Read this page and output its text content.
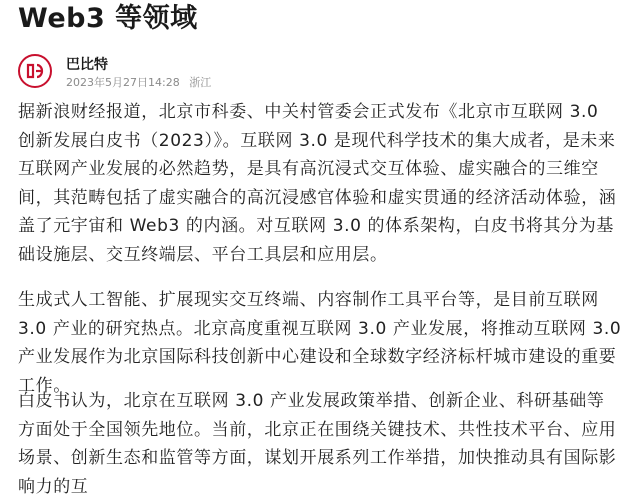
Web3 等领域
巴比特
2023年5月27日14:28 浙江
据新浪财经报道，北京市科委、中关村管委会正式发布《北京市互联网 3.0 创新发展白皮书（2023）》。互联网 3.0 是现代科学技术的集大成者，是未来互联网产业发展的必然趋势，是具有高沉浸式交互体验、虚实融合的三维空间，其范畴包括了虚实融合的高沉浸感官体验和虚实贯通的经济活动体验，涵盖了元宇宙和 Web3 的内涵。对互联网 3.0 的体系架构，白皮书将其分为基础设施层、交互终端层、平台工具层和应用层。
生成式人工智能、扩展现实交互终端、内容制作工具平台等，是目前互联网 3.0 产业的研究热点。北京高度重视互联网 3.0 产业发展，将推动互联网 3.0 产业发展作为北京国际科技创新中心建设和全球数字经济标杆城市建设的重要工作。
白皮书认为，北京在互联网 3.0 产业发展政策举措、创新企业、科研基础等方面处于全国领先地位。当前，北京正在围绕关键技术、共性技术平台、应用场景、创新生态和监管等方面，谋划开展系列工作举措，加快推动具有国际影响力的互
